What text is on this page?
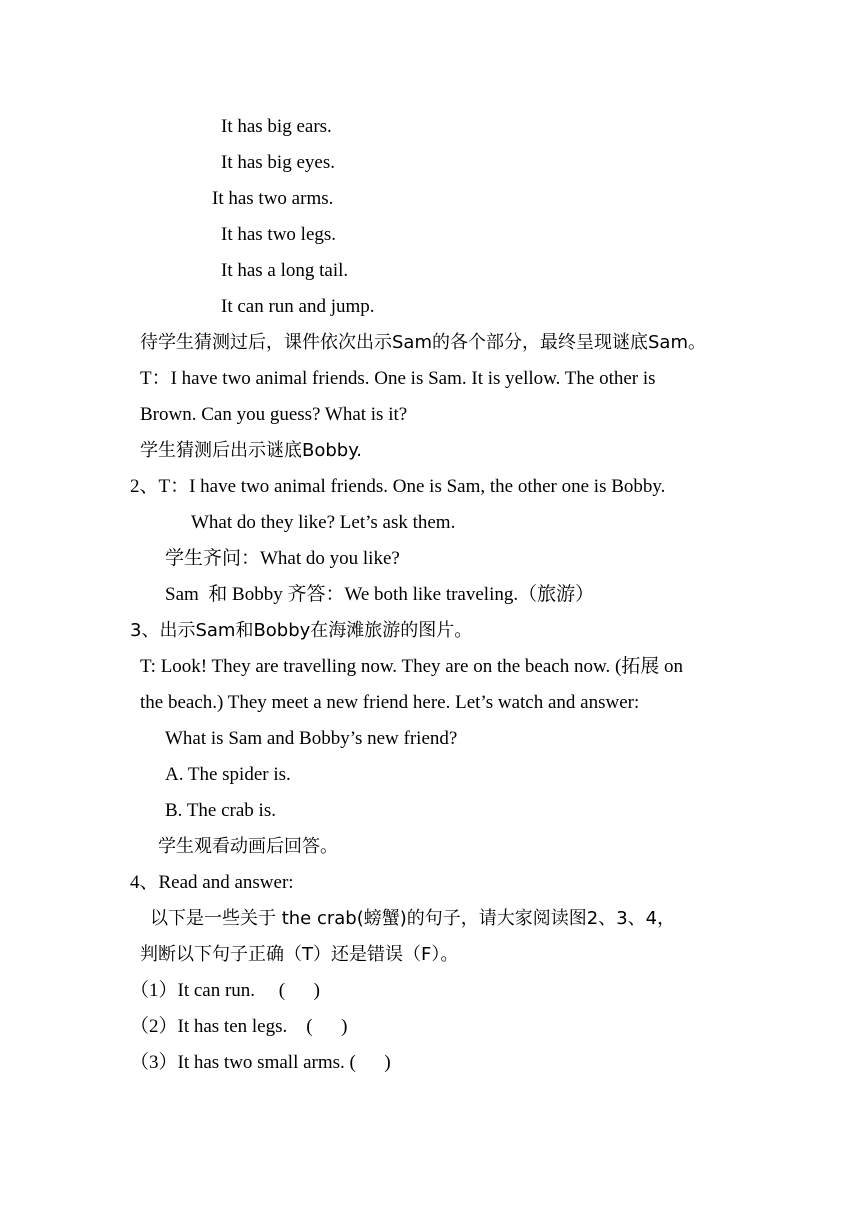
It has big ears.
It has big eyes.
It has two arms.
It has two legs.
It has a long tail.
It can run and jump.
待学生猜测过后，课件依次出示Sam的各个部分，最终呈现谜底Sam。
T：I have two animal friends. One is Sam. It is yellow. The other is
Brown. Can you guess? What is it?
学生猜测后出示谜底Bobby.
2、T：I have two animal friends. One is Sam, the other one is Bobby.
What do they like? Let’s ask them.
学生齐问：What do you like?
Sam  和 Bobby 齐答：We both like traveling.（旅游）
3、出示Sam和Bobby在海滩旅游的图片。
T: Look! They are travelling now. They are on the beach now. (拓展 on
the beach.) They meet a new friend here. Let’s watch and answer:
What is Sam and Bobby’s new friend?
A. The spider is.
B. The crab is.
学生观看动画后回答。
4、Read and answer:
以下是一些关于 the crab(螃蟹)的句子，请大家阅读图2、3、4，
判断以下句子正确（T）还是错误（F）。
（1）It can run.     (      )
（2）It has ten legs.    (      )
（3）It has two small arms. (      )
